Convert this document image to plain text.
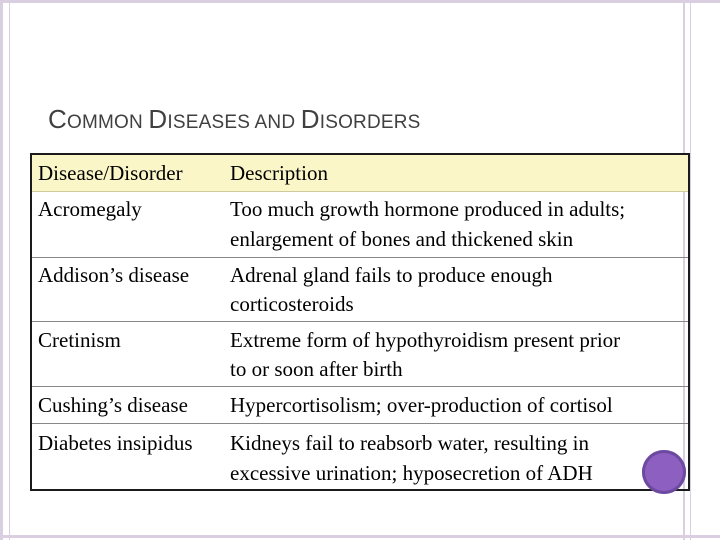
COMMON DISEASES AND DISORDERS
Disease/Disorder Description
Acromegaly	Too much growth hormone produced in adults;
enlargement of bones and thickened skin
Addison’s disease Adrenal gland fails to produce enough
corticosteroids
Cretinism	Extreme form of hypothyroidism present prior
to or soon after birth
Cushing’s disease Hypercortisolism; over-production of cortisol
Diabetes insipidus Kidneys fail to reabsorb water, resulting in
excessive urination; hyposecretion of ADH
